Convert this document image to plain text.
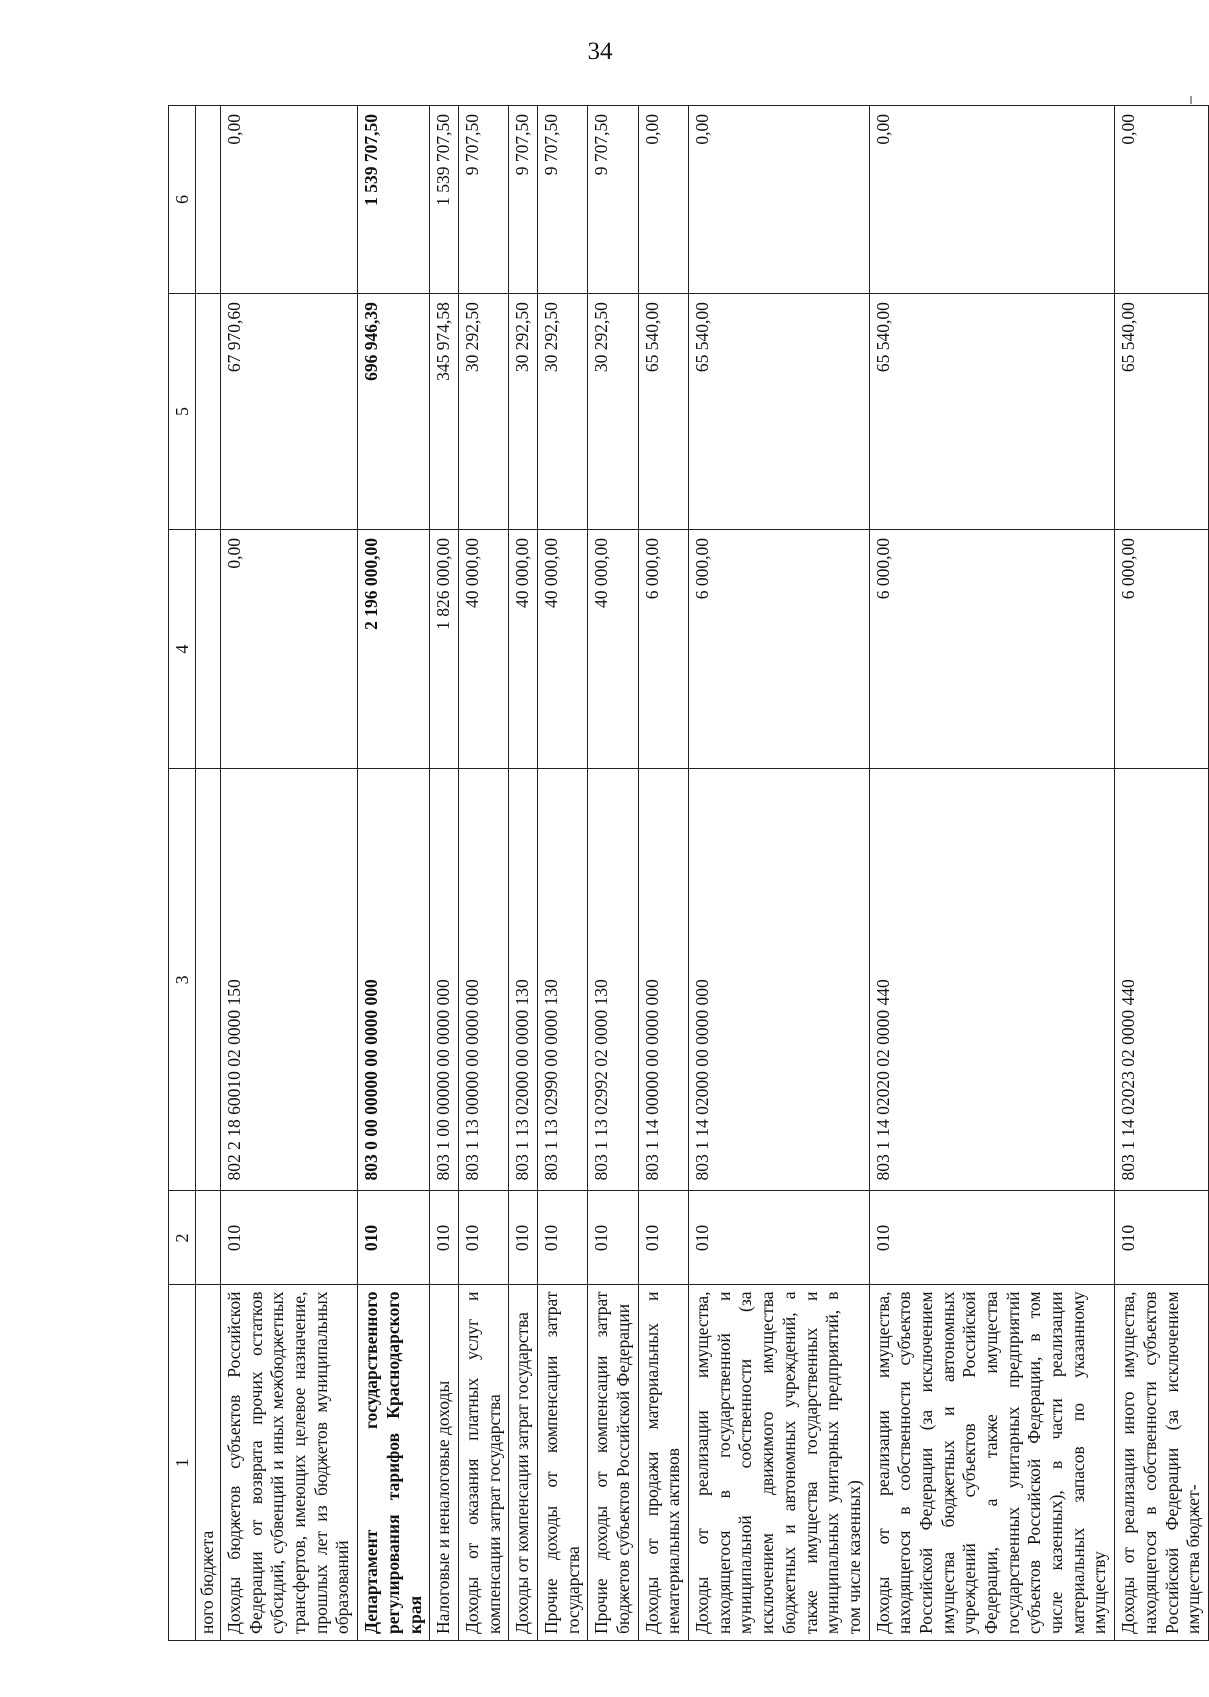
34
1	2	3	4	5	6
ного бюджета					
Доходы бюджетов субъектов Российской Федерации от возврата прочих остатков субсидий, субвенций и иных межбюджетных трансфертов, имеющих целевое назначение, прошлых лет из бюджетов муниципальных образований	010	802 2 18 60010 02 0000 150	0,00	67 970,60	0,00
Департамент государственного регулирования тарифов Краснодарского края	010	803 0 00 00000 00 0000 000	2 196 000,00	696 946,39	1 539 707,50
Налоговые и неналоговые доходы	010	803 1 00 00000 00 0000 000	1 826 000,00	345 974,58	1 539 707,50
Доходы от оказания платных услуг и компенсации затрат государства	010	803 1 13 00000 00 0000 000	40 000,00	30 292,50	9 707,50
Доходы от компенсации затрат государства	010	803 1 13 02000 00 0000 130	40 000,00	30 292,50	9 707,50
Прочие доходы от компенсации затрат государства	010	803 1 13 02990 00 0000 130	40 000,00	30 292,50	9 707,50
Прочие доходы от компенсации затрат бюджетов субъектов Российской Федерации	010	803 1 13 02992 02 0000 130	40 000,00	30 292,50	9 707,50
Доходы от продажи материальных и нематериальных активов	010	803 1 14 00000 00 0000 000	6 000,00	65 540,00	0,00
Доходы от реализации имущества, находящегося в государственной и муниципальной собственности (за исключением движимого имущества бюджетных и автономных учреждений, а также имущества государственных и муниципальных унитарных предприятий, в том числе казенных)	010	803 1 14 02000 00 0000 000	6 000,00	65 540,00	0,00
Доходы от реализации имущества, находящегося в собственности субъектов Российской Федерации (за исключением имущества бюджетных и автономных учреждений субъектов Российской Федерации, а также имущества государственных унитарных предприятий субъектов Российской Федерации, в том числе казенных), в части реализации материальных запасов по указанному имуществу	010	803 1 14 02020 02 0000 440	6 000,00	65 540,00	0,00
Доходы от реализации иного имущества, находящегося в собственности субъектов Российской Федерации (за исключением имущества бюджет-	010	803 1 14 02023 02 0000 440	6 000,00	65 540,00	0,00
